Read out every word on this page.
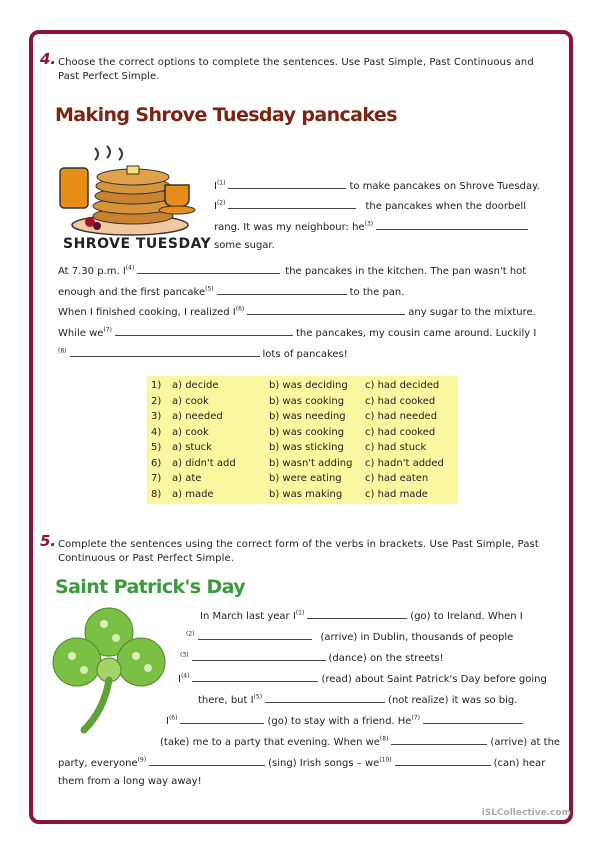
4. Choose the correct options to complete the sentences. Use Past Simple, Past Continuous and
Past Perfect Simple.
Making Shrove Tuesday pancakes
SHROVE TUESDAY
$I^{(1)}$	to make pancakes on Shrove Tuesday.
$I^{(2)}$	the pancakes when the doorbell
rang. It was my neighbour: $he^{(3)}$
some sugar.
At 7.30 p.m. $I^{(4)}$	the pancakes in the kitchen. The pan wasn't hot
enough and the first pancake$^{(5)}$	to the pan.
When I finished cooking, I realized $I^{(6)}$	any sugar to the mixture.
While $we^{(7)}$	the pancakes, my cousin came around. Luckily I
$^{(8)}$	lots of pancakes!
1) a) decide	b) was deciding c) had decided
2) a) cook	b) was cooking c) had cooked
3) a) needed	b) was needing c) had needed
4) a) cook	b) was cooking c) had cooked
5) a) stuck	b) was sticking c) had stuck
6) a) didn't add	b) wasn't adding c) hadn't added
7) a) ate	b) were eating c) had eaten
8) a) made	b) was making c) had made
5. Complete the sentences using the correct form of the verbs in brackets. Use Past Simple, Past
Continuous or Past Perfect Simple.
Saint Patrick's Day
In March last year $I^{(1)}$	(go) to Ireland. When I
$^{(2)}$	(arrive) in Dublin, thousands of people
$^{(3)}$	(dance) on the streets!
$I^{(4)}$	(read) about Saint Patrick's Day before going
there, but $I^{(5)}$	(not realize) it was so big.
$I^{(6)}$	(go) to stay with a friend. He$^{(7)}$
(take) me to a party that evening. When $we^{(8)}$	(arrive) at the
party, everyone$^{(9)}$	(sing) Irish songs – $we^{(10)}$	(can) hear
them from a long way away!
iSLCollective.com
